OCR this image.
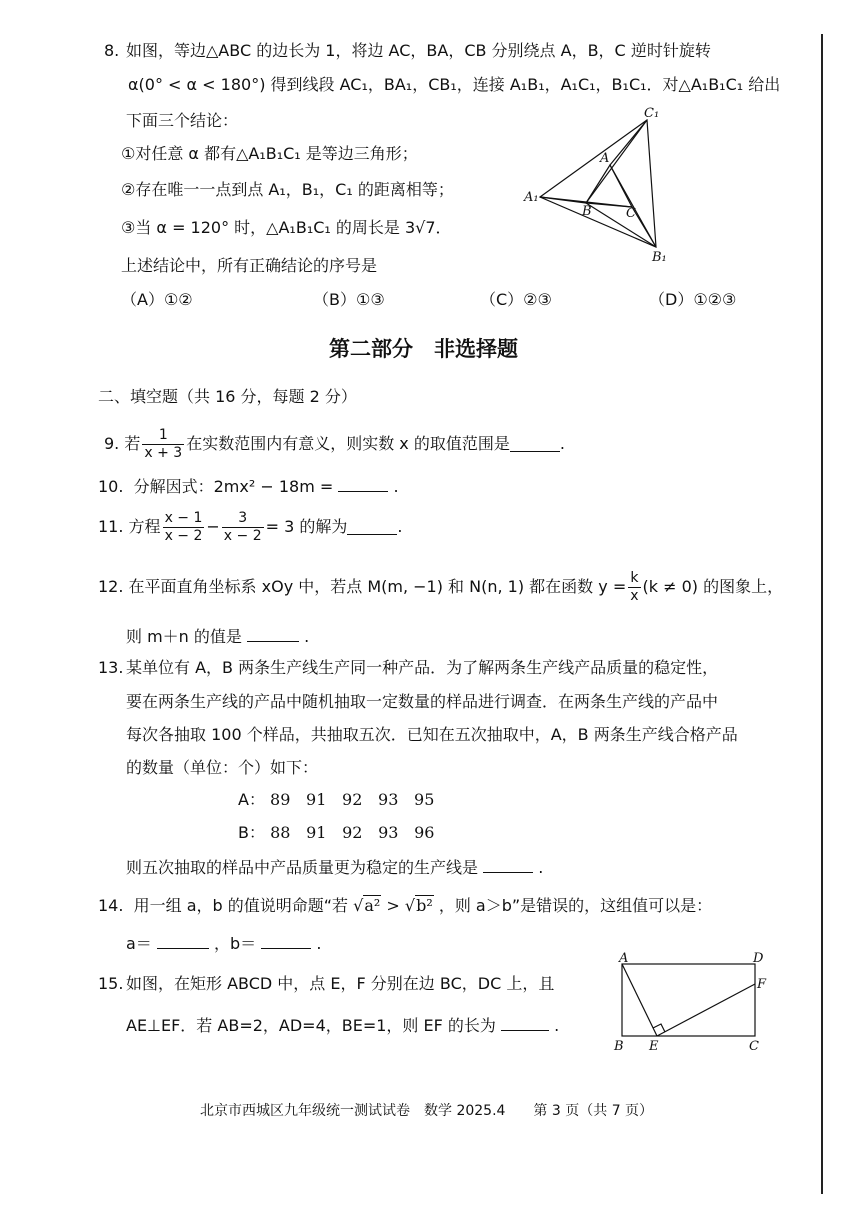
8. 如图，等边△ABC 的边长为 1，将边 AC，BA，CB 分别绕点 A，B，C 逆时针旋转
α(0° < α < 180°) 得到线段 AC₁，BA₁，CB₁，连接 A₁B₁，A₁C₁，B₁C₁．对△A₁B₁C₁ 给出
下面三个结论：
①对任意 α 都有△A₁B₁C₁ 是等边三角形；
②存在唯一一点到点 A₁，B₁，C₁ 的距离相等；
③当 α = 120° 时，△A₁B₁C₁ 的周长是 3√7．
上述结论中，所有正确结论的序号是
（A）①②	（B）①③	（C）②③	（D）①②③
C₁
A
A₁
B	C
B₁
第二部分　非选择题
二、填空题（共 16 分，每题 2 分）
9.
若 $\frac{1}{x + 3}$ 在实数范围内有意义，则实数 x 的取值范围是	.
10. 分解因式：2mx² − 18m =	.
11.
方程 $\frac{x - 1}{x - 2} - \frac{3}{x - 2} = 3$ 的解为	.
12.
在平面直角坐标系 xOy 中，若点 M(m, −1) 和 N(n, 1) 都在函数 $y = \frac{k}{x} (k \ne 0)$ 的图象上，
则 m＋n 的值是	.
13. 某单位有 A，B 两条生产线生产同一种产品．为了解两条生产线产品质量的稳定性，
要在两条生产线的产品中随机抽取一定数量的样品进行调查．在两条生产线的产品中
每次各抽取 100 个样品，共抽取五次．已知在五次抽取中，A，B 两条生产线合格产品
的数量（单位：个）如下：
A： 89 91 92 93 95
B： 88 91 92 93 96
则五次抽取的样品中产品质量更为稳定的生产线是	.
14. 用一组 a，b 的值说明命题“若 √a² > √b² ，则 a＞b”是错误的，这组值可以是：
a＝	，b＝	.
15. 如图，在矩形 ABCD 中，点 E，F 分别在边 BC，DC 上，且
AE⊥EF．若 AB=2，AD=4，BE=1，则 EF 的长为	.
A	D
F
B E	C
北京市西城区九年级统一测试试卷　数学 2025.4　　第 3 页（共 7 页）
